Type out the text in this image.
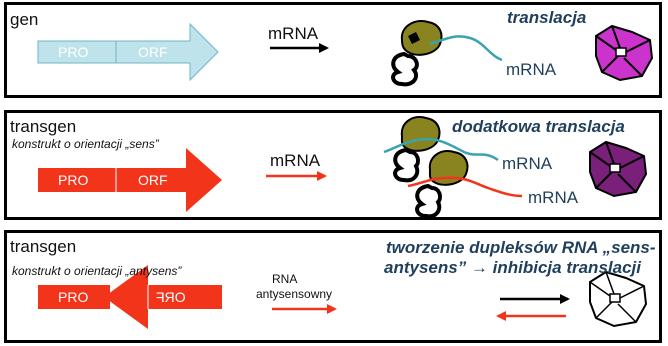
gen
PRO	ORF
mRNA
mRNA
translacja
transgen
konstrukt o orientacji „sens”
PRO	ORF
mRNA	mRNA
mRNA
dodatkowa translacja
transgen
konstrukt o orientacji „antysens”
PRO	ORF
RNA
antysensowny
tworzenie dupleksów RNA „sens-
antysens” → inhibicja translacji
